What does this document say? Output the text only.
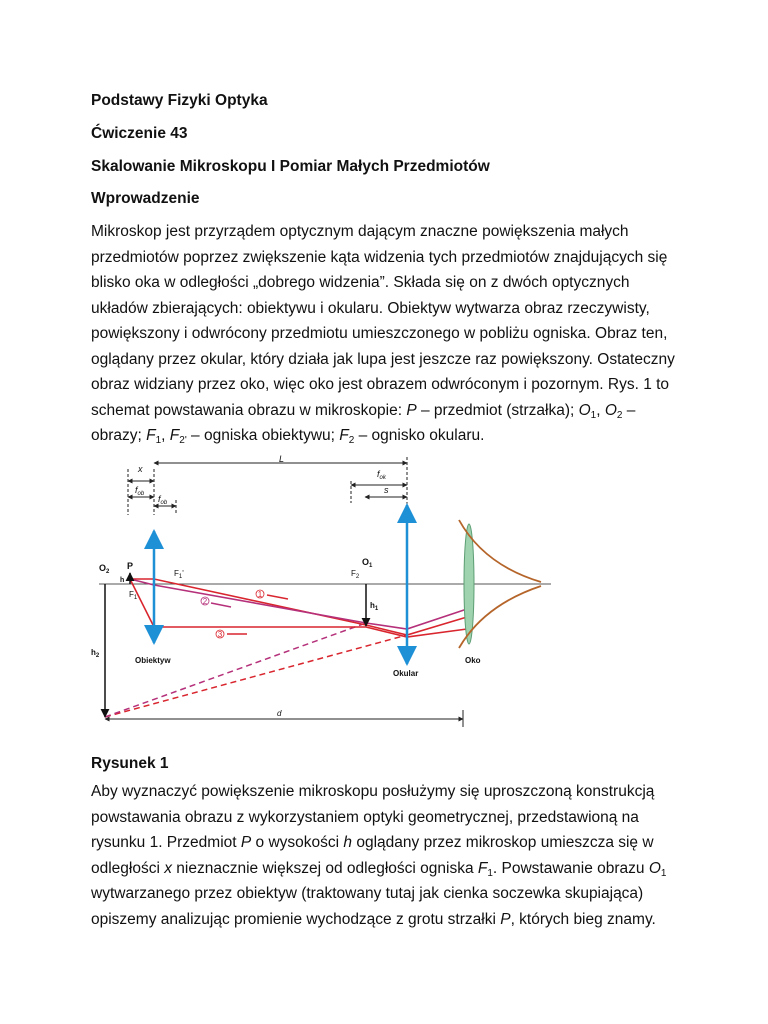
Podstawy Fizyki Optyka
Ćwiczenie 43
Skalowanie Mikroskopu I Pomiar Małych Przedmiotów
Wprowadzenie
Mikroskop jest przyrządem optycznym dającym znaczne powiększenia małych
przedmiotów poprzez zwiększenie kąta widzenia tych przedmiotów znajdujących się
blisko oka w odległości „dobrego widzenia”. Składa się on z dwóch optycznych
układów zbierających: obiektywu i okularu. Obiektyw wytwarza obraz rzeczywisty,
powiększony i odwrócony przedmiotu umieszczonego w pobliżu ogniska. Obraz ten,
oglądany przez okular, który działa jak lupa jest jeszcze raz powiększony. Ostateczny
obraz widziany przez oko, więc oko jest obrazem odwróconym i pozornym. Rys. 1 to
schemat powstawania obrazu w mikroskopie: P – przedmiot (strzałka); $O_1$, $O_2$ –
obrazy; $F_1$, $F_{2'}$ – ogniska obiektywu; $F_2$ – ognisko okularu.
Rysunek 1
Aby wyznaczyć powiększenie mikroskopu posłużymy się uproszczoną konstrukcją
powstawania obrazu z wykorzystaniem optyki geometrycznej, przedstawioną na
rysunku 1. Przedmiot P o wysokości h oglądany przez mikroskop umieszcza się w
odległości x nieznacznie większej od odległości ogniska $F_1$. Powstawanie obrazu $O_1$
wytwarzanego przez obiektyw (traktowany tutaj jak cienka soczewka skupiająca)
opiszemy analizując promienie wychodzące z grotu strzałki P, których bieg znamy.
1
2
3
L
x
$f_{ob}$ $f_{ob}$
$f_{ok}$
s
$O_2$
P
h
$F_1'$
$F_1$
$O_1$
$F_2$
$h_1$
$h_2$	Obiektyw
Okular
Oko
d
